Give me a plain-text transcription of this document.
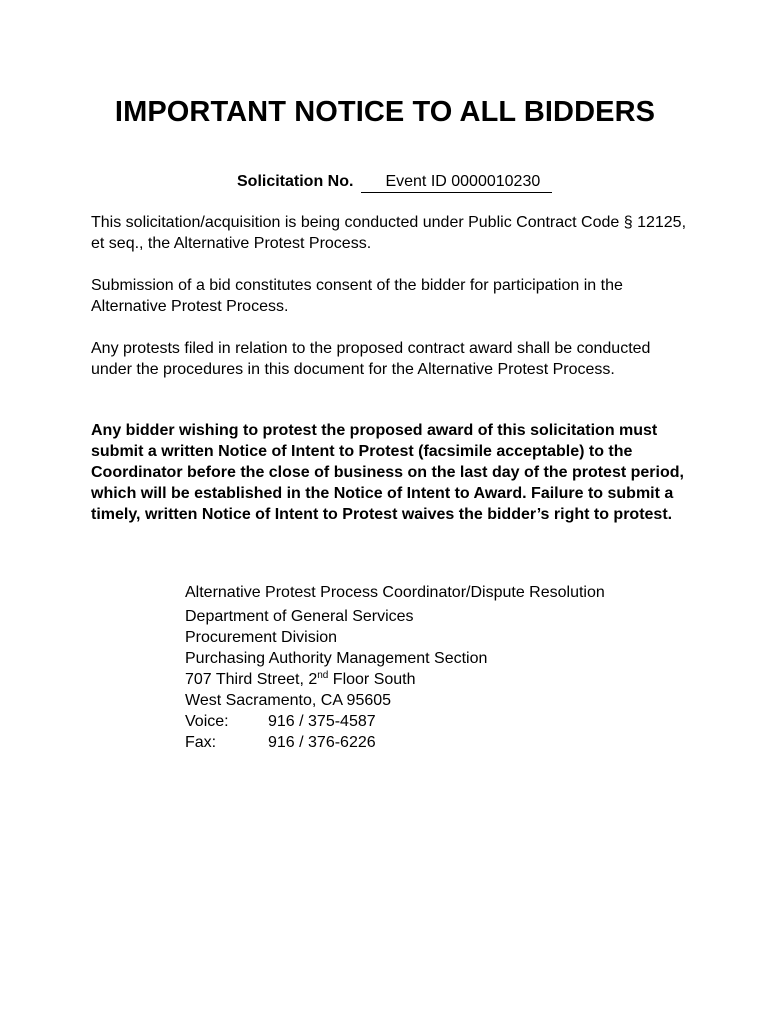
IMPORTANT NOTICE TO ALL BIDDERS
Solicitation No. Event ID 0000010230

This solicitation/acquisition is being conducted under Public Contract Code § 12125, et seq., the Alternative Protest Process.

Submission of a bid constitutes consent of the bidder for participation in the Alternative Protest Process.

Any protests filed in relation to the proposed contract award shall be conducted under the procedures in this document for the Alternative Protest Process.

Any bidder wishing to protest the proposed award of this solicitation must submit a written Notice of Intent to Protest (facsimile acceptable) to the Coordinator before the close of business on the last day of the protest period, which will be established in the Notice of Intent to Award. Failure to submit a timely, written Notice of Intent to Protest waives the bidder’s right to protest.

Alternative Protest Process Coordinator/Dispute Resolution
Department of General Services
Procurement Division
Purchasing Authority Management Section
707 Third Street, 2nd Floor South
West Sacramento, CA 95605
Voice: 916 / 375-4587
Fax:	916 / 376-6226
